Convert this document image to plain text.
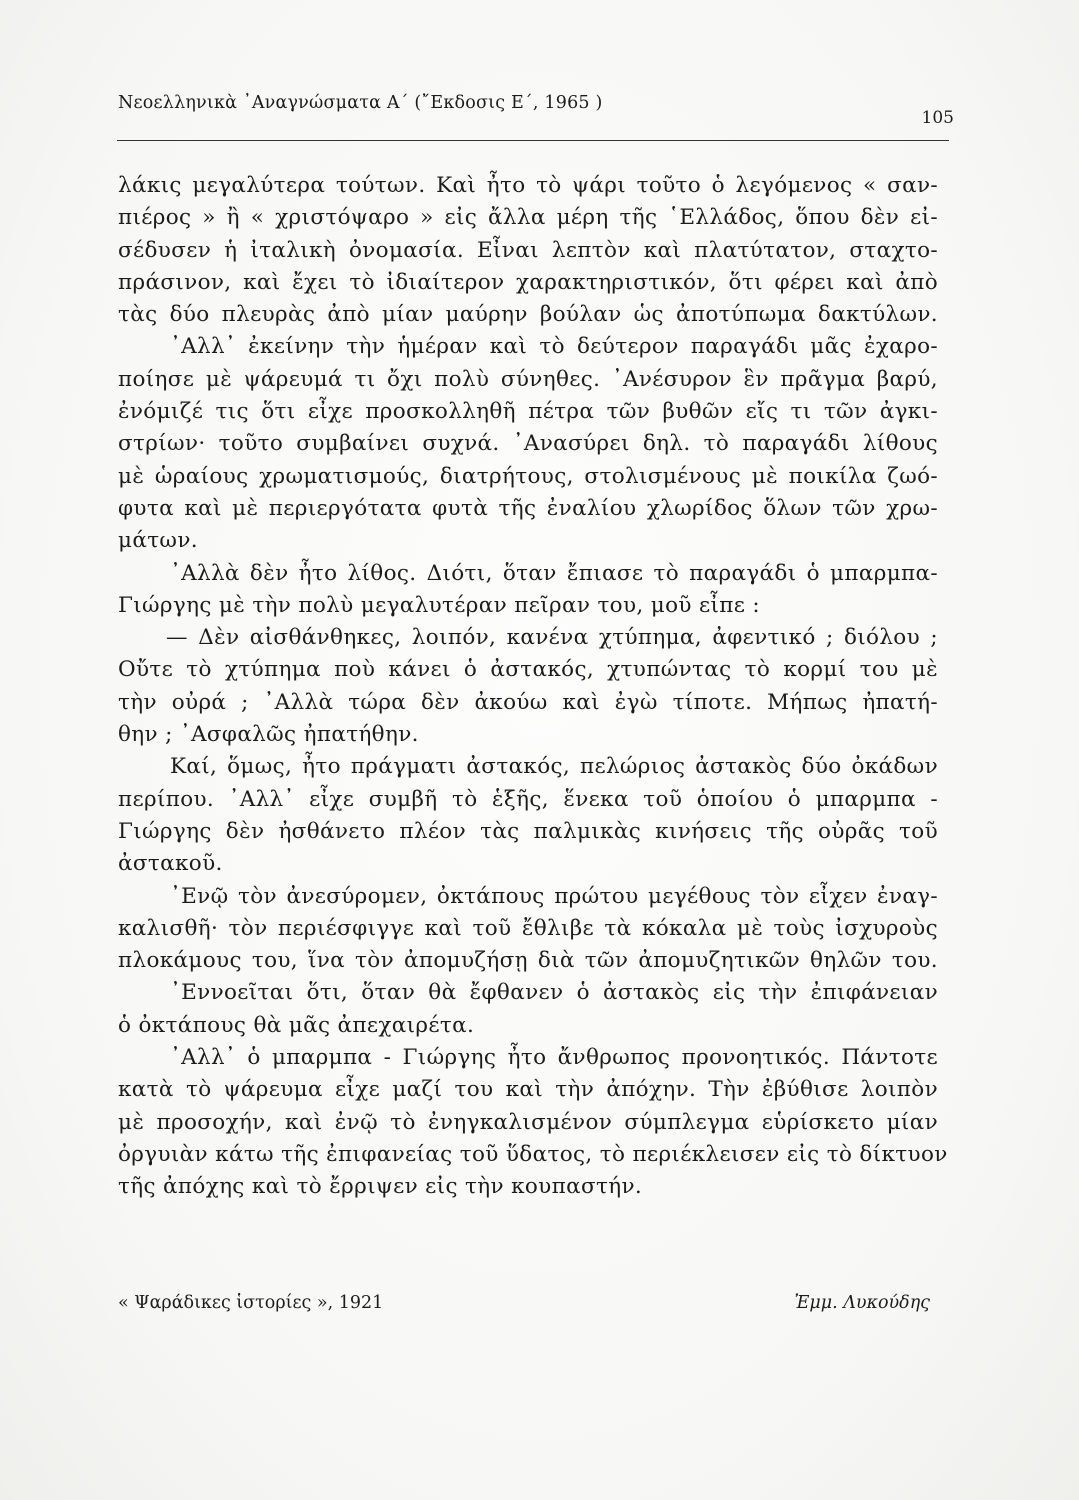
Νεοελληνικὰ ᾿Αναγνώσματα Α΄ (῎Εκδοσις Ε΄, 1965 )
105
λάκις μεγαλύτερα τούτων. Καὶ ἦτο τὸ ψάρι τοῦτο ὁ λεγόμενος « σαν-
πιέρος » ἢ « χριστόψαρο » εἰς ἄλλα μέρη τῆς ῾Ελλάδος, ὅπου δὲν εἰ-
σέδυσεν ἡ ἰταλικὴ ὀνομασία. Εἶναι λεπτὸν καὶ πλατύτατον, σταχτο-
πράσινον, καὶ ἔχει τὸ ἰδιαίτερον χαρακτηριστικόν, ὅτι φέρει καὶ ἀπὸ
τὰς δύο πλευρὰς ἀπὸ μίαν μαύρην βούλαν ὡς ἀποτύπωμα δακτύλων.
᾿Αλλ᾿ ἐκείνην τὴν ἡμέραν καὶ τὸ δεύτερον παραγάδι μᾶς ἐχαρο-
ποίησε μὲ ψάρευμά τι ὄχι πολὺ σύνηθες. ᾿Ανέσυρον ἓν πρᾶγμα βαρύ,
ἐνόμιζέ τις ὅτι εἶχε προσκολληθῆ πέτρα τῶν βυθῶν εἴς τι τῶν ἀγκι-
στρίων· τοῦτο συμβαίνει συχνά. ᾿Ανασύρει δηλ. τὸ παραγάδι λίθους
μὲ ὡραίους χρωματισμούς, διατρήτους, στολισμένους μὲ ποικίλα ζωό-
φυτα καὶ μὲ περιεργότατα φυτὰ τῆς ἐναλίου χλωρίδος ὅλων τῶν χρω-
μάτων.
᾿Αλλὰ δὲν ἦτο λίθος. Διότι, ὅταν ἔπιασε τὸ παραγάδι ὁ μπαρμπα-
Γιώργης μὲ τὴν πολὺ μεγαλυτέραν πεῖραν του, μοῦ εἶπε :
— Δὲν αἰσθάνθηκες, λοιπόν, κανένα χτύπημα, ἀφεντικό ; διόλου ;
Οὔτε τὸ χτύπημα ποὺ κάνει ὁ ἀστακός, χτυπώντας τὸ κορμί του μὲ
τὴν οὐρά ; ᾿Αλλὰ τώρα δὲν ἀκούω καὶ ἐγὼ τίποτε. Μήπως ἠπατή-
θην ; ᾿Ασφαλῶς ἠπατήθην.
Καί, ὅμως, ἦτο πράγματι ἀστακός, πελώριος ἀστακὸς δύο ὀκάδων
περίπου. ᾿Αλλ᾿ εἶχε συμβῆ τὸ ἑξῆς, ἕνεκα τοῦ ὁποίου ὁ μπαρμπα -
Γιώργης δὲν ἠσθάνετο πλέον τὰς παλμικὰς κινήσεις τῆς οὐρᾶς τοῦ
ἀστακοῦ.
᾿Ενῷ τὸν ἀνεσύρομεν, ὀκτάπους πρώτου μεγέθους τὸν εἶχεν ἐναγ-
καλισθῆ· τὸν περιέσφιγγε καὶ τοῦ ἔθλιβε τὰ κόκαλα μὲ τοὺς ἰσχυροὺς
πλοκάμους του, ἵνα τὸν ἀπομυζήσῃ διὰ τῶν ἀπομυζητικῶν θηλῶν του.
᾿Εννοεῖται ὅτι, ὅταν θὰ ἔφθανεν ὁ ἀστακὸς εἰς τὴν ἐπιφάνειαν
ὁ ὀκτάπους θὰ μᾶς ἀπεχαιρέτα.
᾿Αλλ᾿ ὁ μπαρμπα - Γιώργης ἦτο ἄνθρωπος προνοητικός. Πάντοτε
κατὰ τὸ ψάρευμα εἶχε μαζί του καὶ τὴν ἀπόχην. Τὴν ἐβύθισε λοιπὸν
μὲ προσοχήν, καὶ ἐνῷ τὸ ἐνηγκαλισμένον σύμπλεγμα εὑρίσκετο μίαν
ὀργυιὰν κάτω τῆς ἐπιφανείας τοῦ ὕδατος, τὸ περιέκλεισεν εἰς τὸ δίκτυον
τῆς ἀπόχης καὶ τὸ ἔρριψεν εἰς τὴν κουπαστήν.
« Ψαράδικες ἱστορίες », 1921	Ἐμμ. Λυκούδης
